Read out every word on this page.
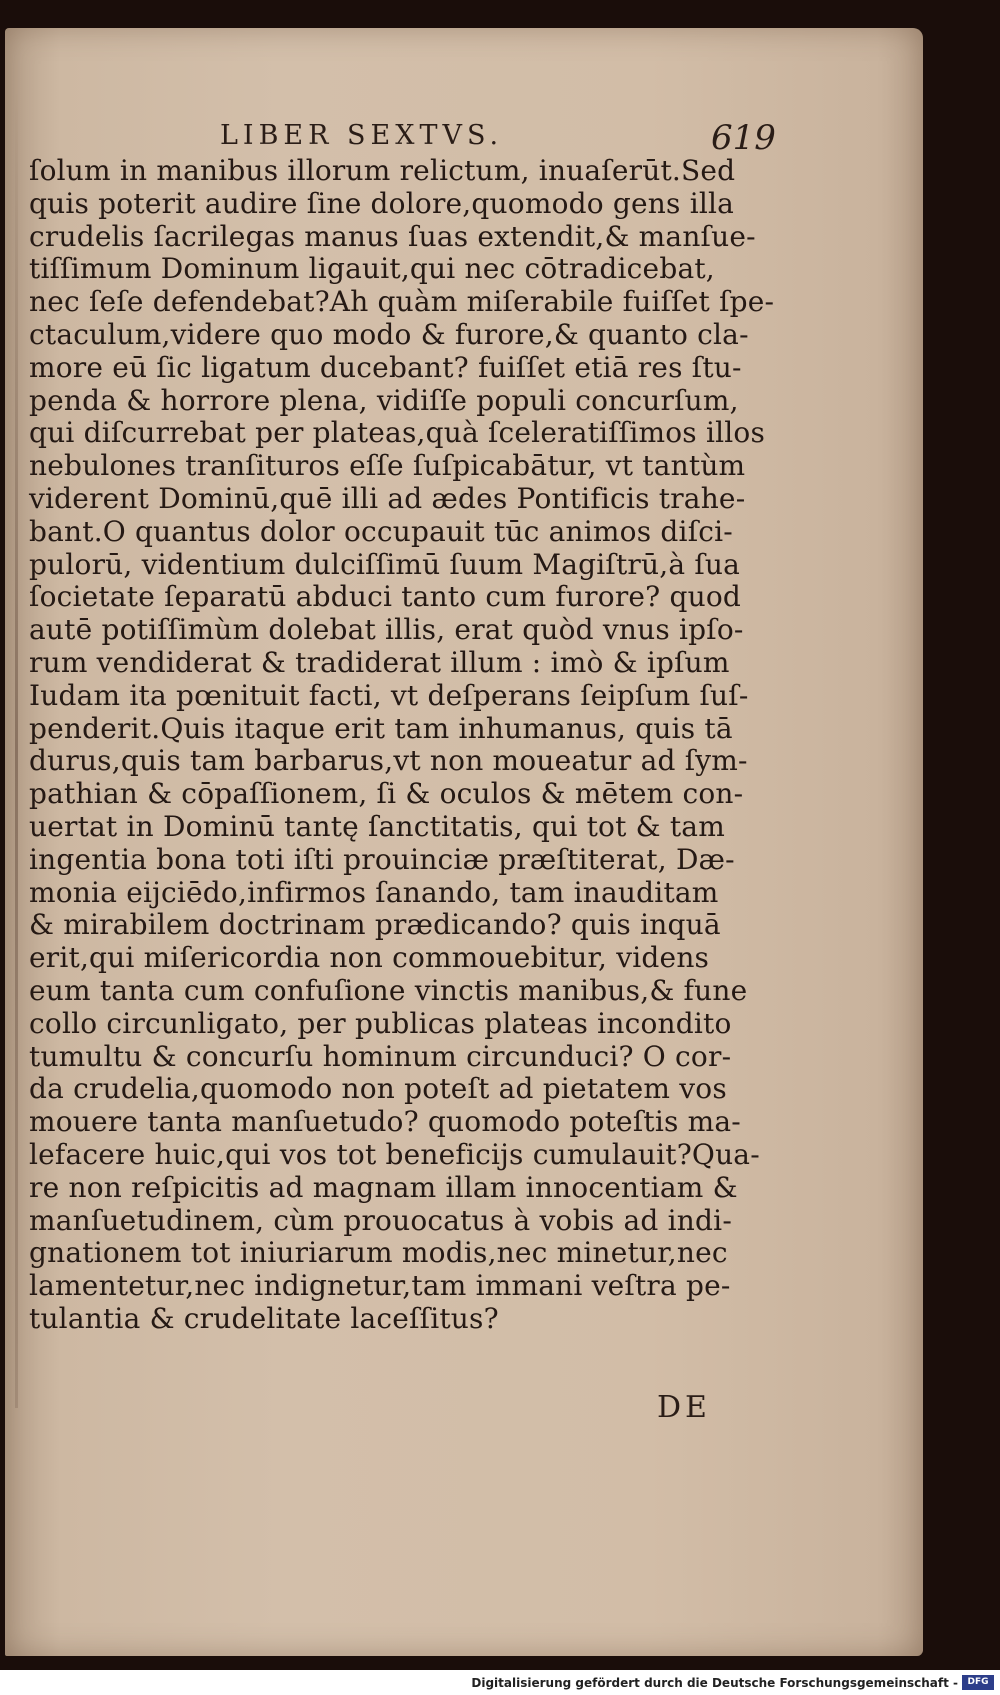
LIBER SEXTVS.	619
ſolum in manibus illorum relictum, inuaſerūt.Sed
quis poterit audire ſine dolore,quomodo gens illa
crudelis ſacrilegas manus ſuas extendit,& manſue-
tiſſimum Dominum ligauit,qui nec cōtradicebat,
nec ſeſe defendebat?Ah quàm miſerabile fuiſſet ſpe-
ctaculum,videre quo modo & furore,& quanto cla-
more eū ſic ligatum ducebant? fuiſſet etiā res ſtu-
penda & horrore plena, vidiſſe populi concurſum,
qui diſcurrebat per plateas,quà ſceleratiſſimos illos
nebulones tranſituros eſſe ſuſpicabātur, vt tantùm
viderent Dominū,quē illi ad ædes Pontificis trahe-
bant.O quantus dolor occupauit tūc animos diſci-
pulorū, videntium dulciſſimū ſuum Magiſtrū,à ſua
ſocietate ſeparatū abduci tanto cum furore? quod
autē potiſſimùm dolebat illis, erat quòd vnus ipſo-
rum vendiderat & tradiderat illum : imò & ipſum
Iudam ita pœnituit facti, vt deſperans ſeipſum ſuſ-
penderit.Quis itaque erit tam inhumanus, quis tā
durus,quis tam barbarus,vt non moueatur ad ſym-
pathian & cōpaſſionem, ſi & oculos & mētem con-
uertat in Dominū tantę ſanctitatis, qui tot & tam
ingentia bona toti iſti prouinciæ præſtiterat, Dæ-
monia eijciēdo,infirmos ſanando, tam inauditam
& mirabilem doctrinam prædicando? quis inquā
erit,qui miſericordia non commouebitur, videns
eum tanta cum confuſione vinctis manibus,& fune
collo circunligato, per publicas plateas incondito
tumultu & concurſu hominum circunduci? O cor-
da crudelia,quomodo non poteſt ad pietatem vos
mouere tanta manſuetudo? quomodo poteſtis ma-
lefacere huic,qui vos tot beneficijs cumulauit?Qua-
re non reſpicitis ad magnam illam innocentiam &
manſuetudinem, cùm prouocatus à vobis ad indi-
gnationem tot iniuriarum modis,nec minetur,nec
lamentetur,nec indignetur,tam immani veſtra pe-
tulantia & crudelitate laceſſitus?
DE
Digitalisierung gefördert durch die Deutsche Forschungsgemeinschaft -	DFG
